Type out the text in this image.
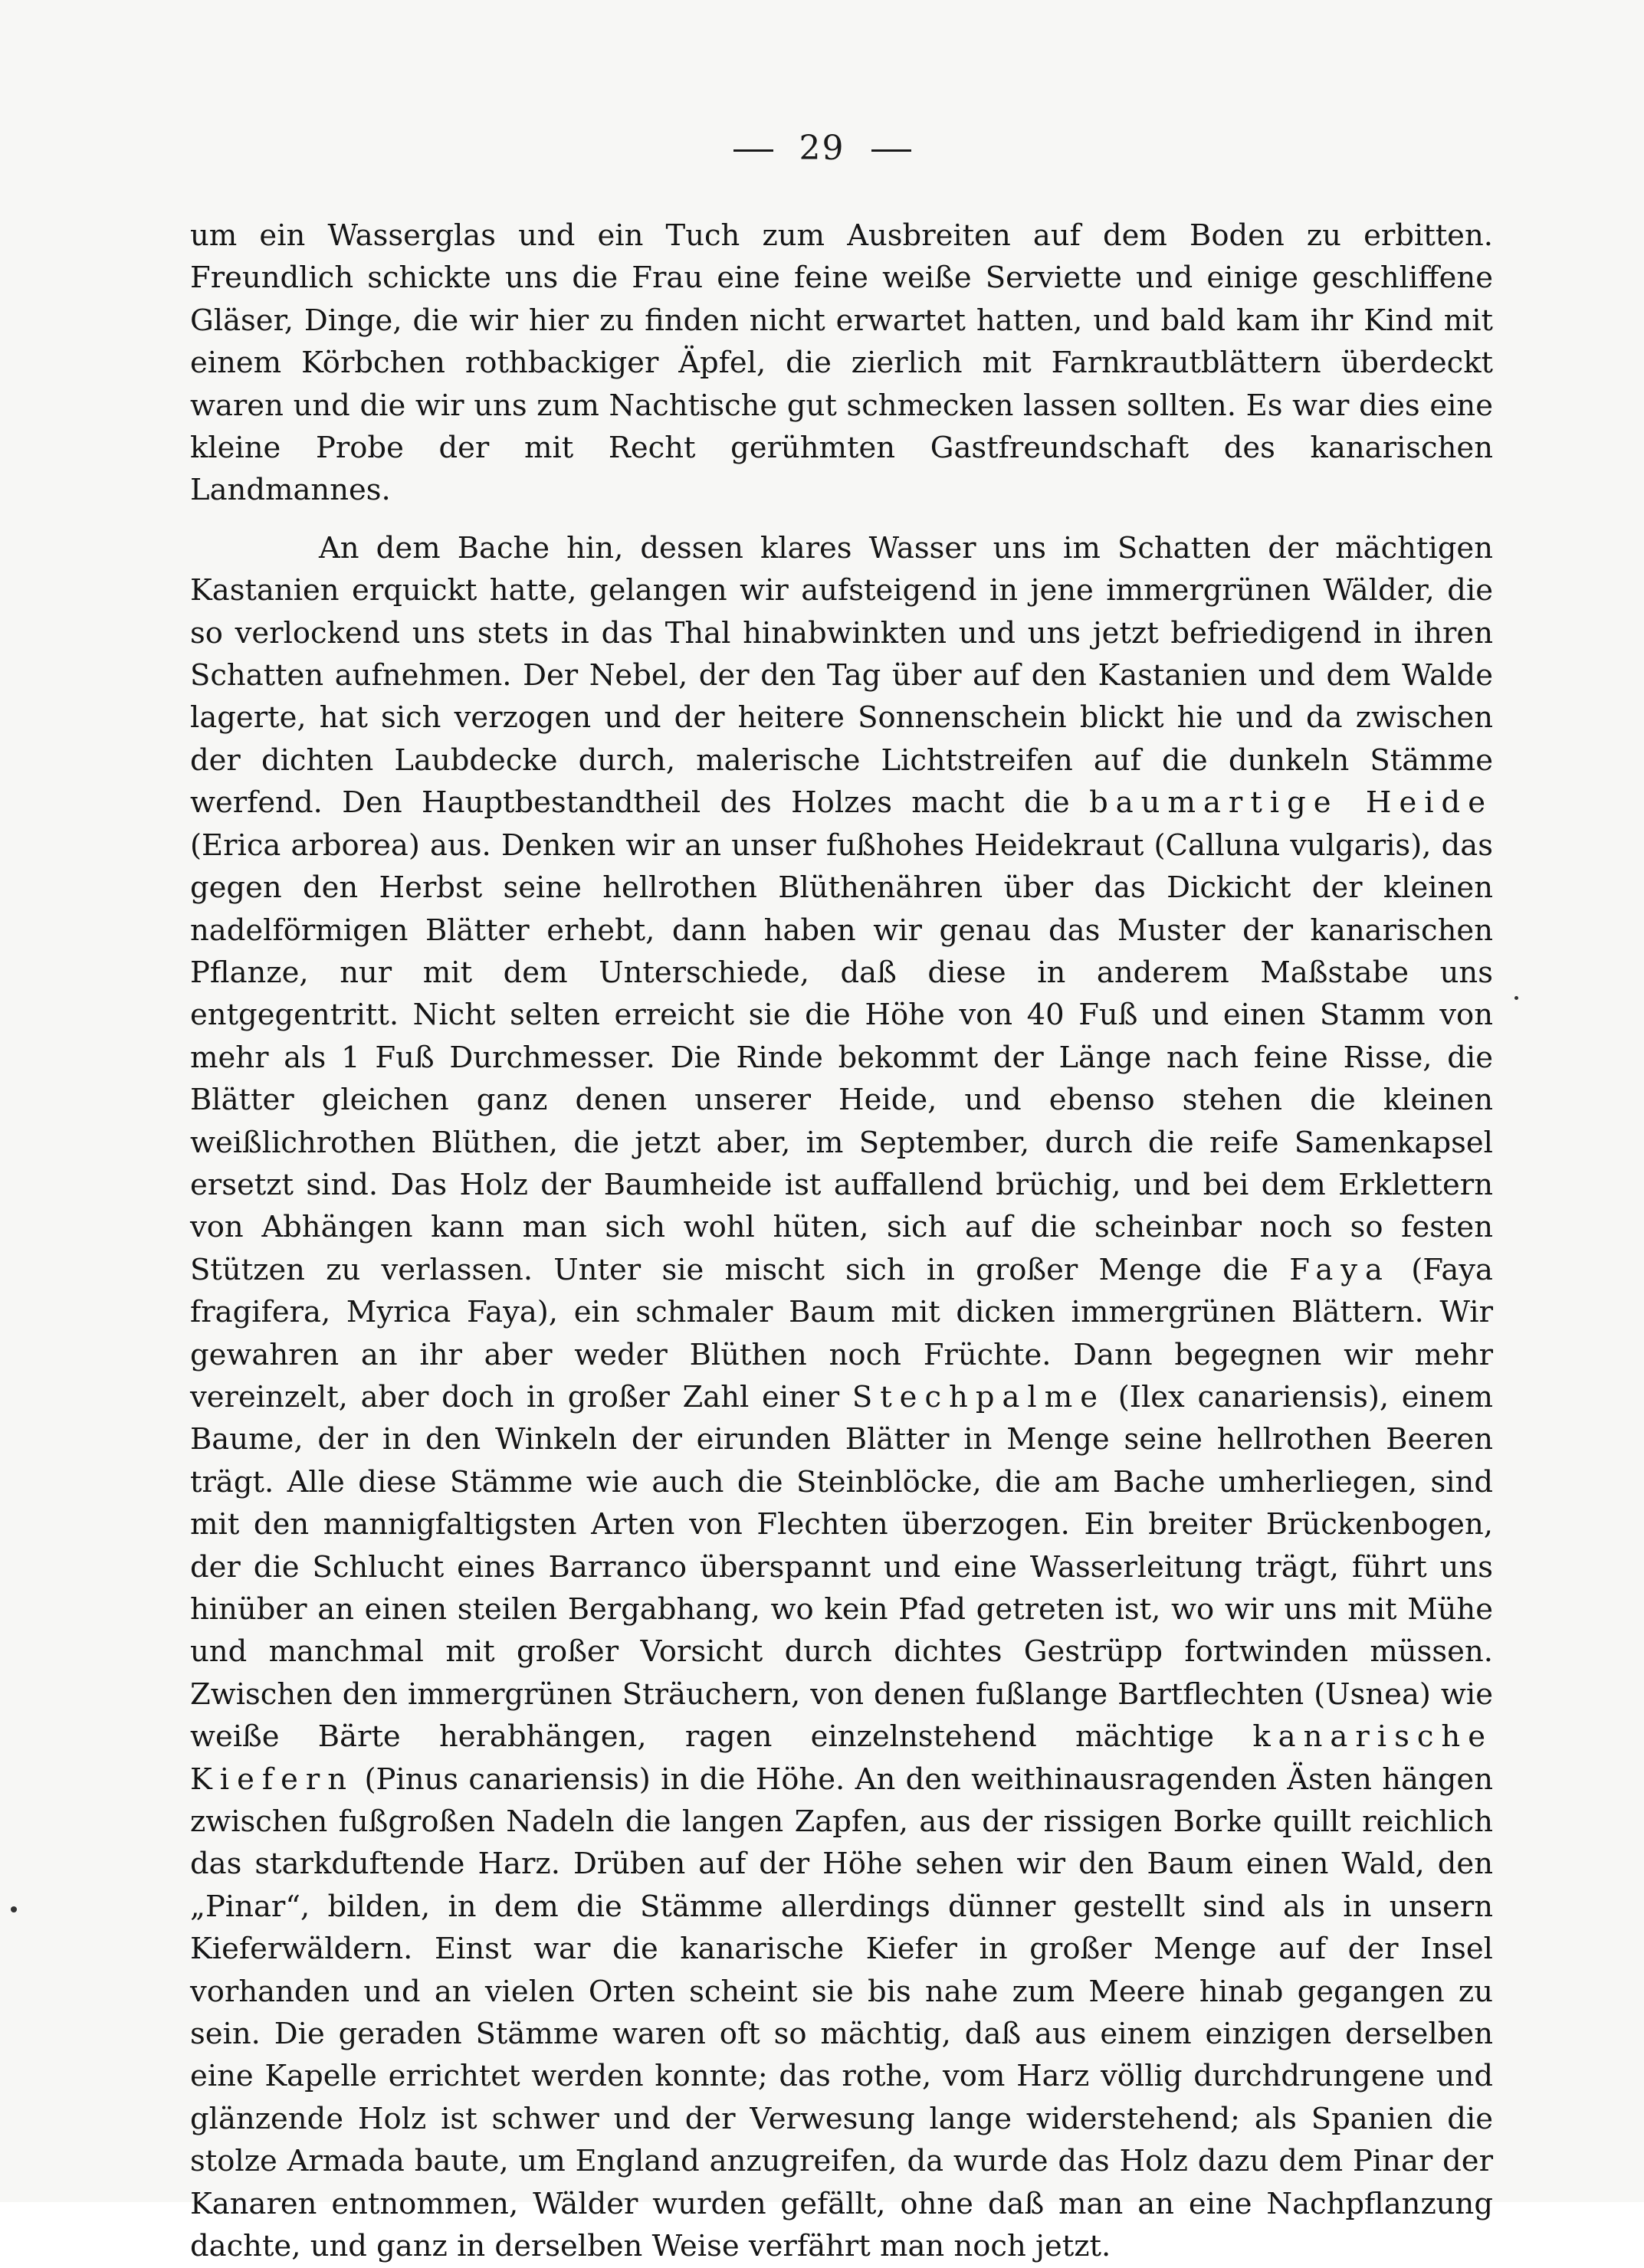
29

um ein Wasserglas und ein Tuch zum Ausbreiten auf dem Boden zu erbitten. Freundlich schickte uns die Frau eine feine weiße Serviette und einige geschliffene Gläser, Dinge, die wir hier zu finden nicht erwartet hatten, und bald kam ihr Kind mit einem Körbchen rothbackiger Äpfel, die zierlich mit Farnkrautblättern überdeckt waren und die wir uns zum Nachtische gut schmecken lassen sollten. Es war dies eine kleine Probe der mit Recht gerühmten Gastfreundschaft des kanarischen Landmannes.

An dem Bache hin, dessen klares Wasser uns im Schatten der mächtigen Kastanien erquickt hatte, gelangen wir aufsteigend in jene immergrünen Wälder, die so verlockend uns stets in das Thal hinabwinkten und uns jetzt befriedigend in ihren Schatten aufnehmen. Der Nebel, der den Tag über auf den Kastanien und dem Walde lagerte, hat sich verzogen und der heitere Sonnenschein blickt hie und da zwischen der dichten Laubdecke durch, malerische Lichtstreifen auf die dunkeln Stämme werfend. Den Hauptbestandtheil des Holzes macht die baumartige Heide (Erica arborea) aus. Denken wir an unser fußhohes Heidekraut (Calluna vulgaris), das gegen den Herbst seine hellrothen Blüthenähren über das Dickicht der kleinen nadelförmigen Blätter erhebt, dann haben wir genau das Muster der kanarischen Pflanze, nur mit dem Unterschiede, daß diese in anderem Maßstabe uns entgegentritt. Nicht selten erreicht sie die Höhe von 40 Fuß und einen Stamm von mehr als 1 Fuß Durchmesser. Die Rinde bekommt der Länge nach feine Risse, die Blätter gleichen ganz denen unserer Heide, und ebenso stehen die kleinen weißlichrothen Blüthen, die jetzt aber, im September, durch die reife Samenkapsel ersetzt sind. Das Holz der Baumheide ist auffallend brüchig, und bei dem Erklettern von Abhängen kann man sich wohl hüten, sich auf die scheinbar noch so festen Stützen zu verlassen. Unter sie mischt sich in großer Menge die Faya (Faya fragifera, Myrica Faya), ein schmaler Baum mit dicken immergrünen Blättern. Wir gewahren an ihr aber weder Blüthen noch Früchte. Dann begegnen wir mehr vereinzelt, aber doch in großer Zahl einer Stechpalme (Ilex canariensis), einem Baume, der in den Winkeln der eirunden Blätter in Menge seine hellrothen Beeren trägt. Alle diese Stämme wie auch die Steinblöcke, die am Bache umherliegen, sind mit den mannigfaltigsten Arten von Flechten überzogen. Ein breiter Brückenbogen, der die Schlucht eines Barranco überspannt und eine Wasserleitung trägt, führt uns hinüber an einen steilen Bergabhang, wo kein Pfad getreten ist, wo wir uns mit Mühe und manchmal mit großer Vorsicht durch dichtes Gestrüpp fortwinden müssen. Zwischen den immergrünen Sträuchern, von denen fußlange Bartflechten (Usnea) wie weiße Bärte herabhängen, ragen einzelnstehend mächtige kanarische Kiefern (Pinus canariensis) in die Höhe. An den weithinausragenden Ästen hängen zwischen fußgroßen Nadeln die langen Zapfen, aus der rissigen Borke quillt reichlich das starkduftende Harz. Drüben auf der Höhe sehen wir den Baum einen Wald, den „Pinar“, bilden, in dem die Stämme allerdings dünner gestellt sind als in unsern Kieferwäldern. Einst war die kanarische Kiefer in großer Menge auf der Insel vorhanden und an vielen Orten scheint sie bis nahe zum Meere hinab gegangen zu sein. Die geraden Stämme waren oft so mächtig, daß aus einem einzigen derselben eine Kapelle errichtet werden konnte; das rothe, vom Harz völlig durchdrungene und glänzende Holz ist schwer und der Verwesung lange widerstehend; als Spanien die stolze Armada baute, um England anzugreifen, da wurde das Holz dazu dem Pinar der Kanaren entnommen, Wälder wurden gefällt, ohne daß man an eine Nachpflanzung dachte, und ganz in derselben Weise verfährt man noch jetzt.
